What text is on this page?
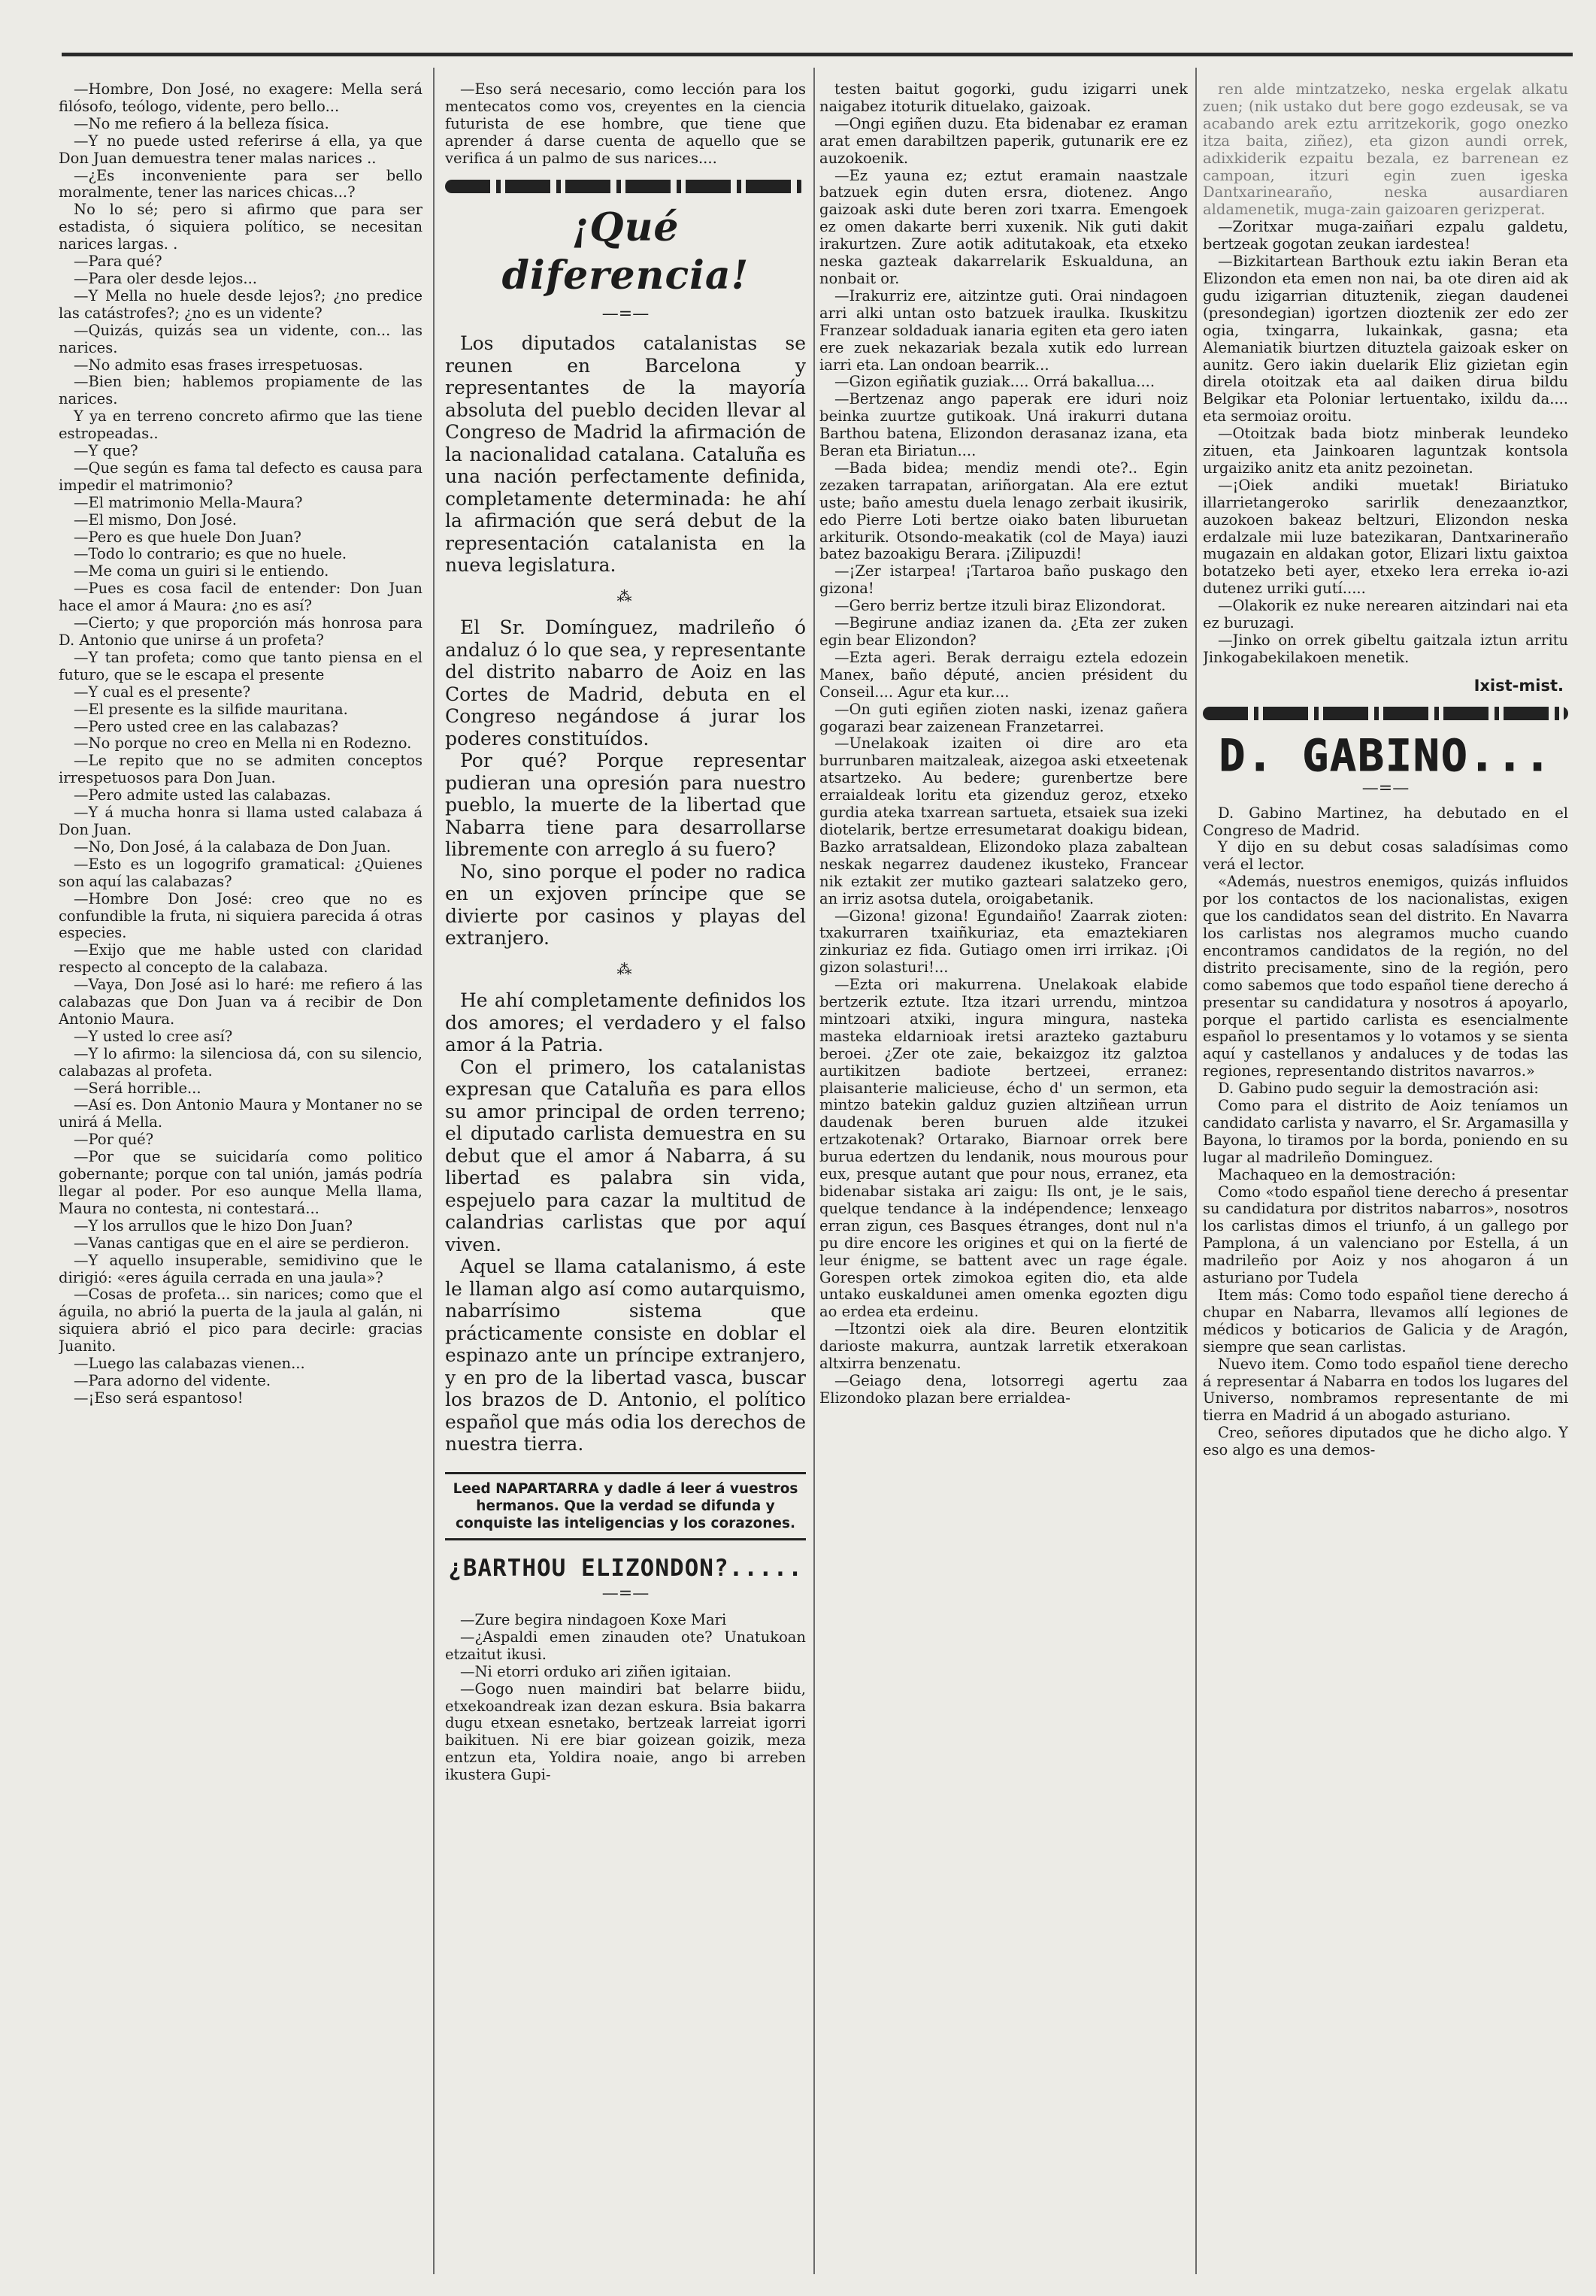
—Hombre, Don José, no exagere: Mella será filósofo, teólogo, vidente, pero bello...

—No me refiero á la belleza física.

—Y no puede usted referirse á ella, ya que Don Juan demuestra tener malas narices ..

—¿Es inconveniente para ser bello moralmente, tener las narices chicas...?

No lo sé; pero si afirmo que para ser estadista, ó siquiera político, se necesitan narices largas. .

—Para qué?

—Para oler desde lejos...

—Y Mella no huele desde lejos?; ¿no predice las catástrofes?; ¿no es un vidente?

—Quizás, quizás sea un vidente, con... las narices.

—No admito esas frases irrespetuosas.

—Bien bien; hablemos propiamente de las narices.

Y ya en terreno concreto afirmo que las tiene estropeadas..

—Y que?

—Que según es fama tal defecto es causa para impedir el matrimonio?

—El matrimonio Mella-Maura?

—El mismo, Don José.

—Pero es que huele Don Juan?

—Todo lo contrario; es que no huele.

—Me coma un guiri si le entiendo.

—Pues es cosa facil de entender: Don Juan hace el amor á Maura: ¿no es así?

—Cierto; y que proporción más honrosa para D. Antonio que unirse á un profeta?

—Y tan profeta; como que tanto piensa en el futuro, que se le escapa el presente

—Y cual es el presente?

—El presente es la silfide mauritana.

—Pero usted cree en las calabazas?

—No porque no creo en Mella ni en Rodezno.

—Le repito que no se admiten conceptos irrespetuosos para Don Juan.

—Pero admite usted las calabazas.

—Y á mucha honra si llama usted calabaza á Don Juan.

—No, Don José, á la calabaza de Don Juan.

—Esto es un logogrifo gramatical: ¿Quienes son aquí las calabazas?

—Hombre Don José: creo que no es confundible la fruta, ni siquiera parecida á otras especies.

—Exijo que me hable usted con claridad respecto al concepto de la calabaza.

—Vaya, Don José asi lo haré: me refiero á las calabazas que Don Juan va á recibir de Don Antonio Maura.

—Y usted lo cree así?

—Y lo afirmo: la silenciosa dá, con su silencio, calabazas al profeta.

—Será horrible...

—Así es. Don Antonio Maura y Montaner no se unirá á Mella.

—Por qué?

—Por que se suicidaría como politico gobernante; porque con tal unión, jamás podría llegar al poder. Por eso aunque Mella llama, Maura no contesta, ni contestará...

—Y los arrullos que le hizo Don Juan?

—Vanas cantigas que en el aire se perdieron.

—Y aquello insuperable, semidivino que le dirigió: «eres águila cerrada en una jaula»?

—Cosas de profeta... sin narices; como que el águila, no abrió la puerta de la jaula al galán, ni siquiera abrió el pico para decirle: gracias Juanito.

—Luego las calabazas vienen...

—Para adorno del vidente.

—¡Eso será espantoso!

—Eso será necesario, como lección para los mentecatos como vos, creyentes en la ciencia futurista de ese hombre, que tiene que aprender á darse cuenta de aquello que se verifica á un palmo de sus narices....

¡Qué diferencia!
—=—

Los diputados catalanistas se reunen en Barcelona y representantes de la mayoría absoluta del pueblo deciden llevar al Congreso de Madrid la afirmación de la nacionalidad catalana. Cataluña es una nación perfectamente definida, completamente determinada: he ahí la afirmación que será debut de la representación catalanista en la nueva legislatura.

⁂

El Sr. Domínguez, madrileño ó andaluz ó lo que sea, y representante del distrito nabarro de Aoiz en las Cortes de Madrid, debuta en el Congreso negándose á jurar los poderes constituídos.

Por qué? Porque representar pudieran una opresión para nuestro pueblo, la muerte de la libertad que Nabarra tiene para desarrollarse libremente con arreglo á su fuero?

No, sino porque el poder no radica en un exjoven príncipe que se divierte por casinos y playas del extranjero.

⁂

He ahí completamente definidos los dos amores; el verdadero y el falso amor á la Patria.

Con el primero, los catalanistas expresan que Cataluña es para ellos su amor principal de orden terreno; el diputado carlista demuestra en su debut que el amor á Nabarra, á su libertad es palabra sin vida, espejuelo para cazar la multitud de calandrias carlistas que por aquí viven.

Aquel se llama catalanismo, á este le llaman algo así como autarquismo, nabarrísimo sistema que prácticamente consiste en doblar el espinazo ante un príncipe extranjero, y en pro de la libertad vasca, buscar los brazos de D. Antonio, el político español que más odia los derechos de nuestra tierra.

Leed NAPARTARRA y dadle á leer á vuestros hermanos. Que la verdad se difunda y conquiste las inteligencias y los corazones.
¿BARTHOU ELIZONDON?.....
—=—

—Zure begira nindagoen Koxe Mari

—¿Aspaldi emen zinauden ote? Unatukoan etzaitut ikusi.

—Ni etorri orduko ari ziñen igitaian.

—Gogo nuen maindiri bat belarre biidu, etxekoandreak izan dezan eskura. Bsia bakarra dugu etxean esnetako, bertzeak larreiat igorri baikituen. Ni ere biar goizean goizik, meza entzun eta, Yoldira noaie, ango bi arreben ikustera Gupi-

testen baitut gogorki, gudu izigarri unek naigabez itoturik dituelako, gaizoak.

—Ongi egiñen duzu. Eta bidenabar ez eraman arat emen darabiltzen paperik, gutunarik ere ez auzokoenik.

—Ez yauna ez; eztut eramain naastzale batzuek egin duten ersra, diotenez. Ango gaizoak aski dute beren zori txarra. Emengoek ez omen dakarte berri xuxenik. Nik guti dakit irakurtzen. Zure aotik aditutakoak, eta etxeko neska gazteak dakarrelarik Eskualduna, an nonbait or.

—Irakurriz ere, aitzintze guti. Orai nindagoen arri alki untan osto batzuek iraulka. Ikuskitzu Franzear soldaduak ianaria egiten eta gero iaten ere zuek nekazariak bezala xutik edo lurrean iarri eta. Lan ondoan bearrik...

—Gizon egiñatik guziak.... Orrá bakallua....

—Bertzenaz ango paperak ere iduri noiz beinka zuurtze gutikoak. Uná irakurri dutana Barthou batena, Elizondon derasanaz izana, eta Beran eta Biriatun....

—Bada bidea; mendiz mendi ote?.. Egin zezaken tarrapatan, ariñorgatan. Ala ere eztut uste; baño amestu duela lenago zerbait ikusirik, edo Pierre Loti bertze oiako baten liburuetan arkiturik. Otsondo-meakatik (col de Maya) iauzi batez bazoakigu Berara. ¡Zilipuzdi!

—¡Zer istarpea! ¡Tartaroa baño puskago den gizona!

—Gero berriz bertze itzuli biraz Elizondorat.

—Begirune andiaz izanen da. ¿Eta zer zuken egin bear Elizondon?

—Ezta ageri. Berak derraigu eztela edozein Manex, baño député, ancien président du Conseil.... Agur eta kur....

—On guti egiñen zioten naski, izenaz gañera gogarazi bear zaizenean Franzetarrei.

—Unelakoak izaiten oi dire aro eta burrunbaren maitzaleak, aizegoa aski etxeetenak atsartzeko. Au bedere; gurenbertze bere erraialdeak loritu eta gizenduz geroz, etxeko gurdia ateka txarrean sartueta, etsaiek sua izeki diotelarik, bertze erresumetarat doakigu bidean, Bazko arratsaldean, Elizondoko plaza zabaltean neskak negarrez daudenez ikusteko, Francear nik eztakit zer mutiko gazteari salatzeko gero, an irriz asotsa dutela, oroigabetanik.

—Gizona! gizona! Egundaiño! Zaarrak zioten: txakurraren txaiñkuriaz, eta emaztekiaren zinkuriaz ez fida. Gutiago omen irri irrikaz. ¡Oi gizon solasturi!...

—Ezta ori makurrena. Unelakoak elabide bertzerik eztute. Itza itzari urrendu, mintzoa mintzoari atxiki, ingura mingura, nasteka masteka eldarnioak iretsi arazteko gaztaburu beroei. ¿Zer ote zaie, bekaizgoz itz galztoa aurtikitzen badiote bertzeei, erranez: plaisanterie malicieuse, écho d' un sermon, eta mintzo batekin galduz guzien altziñean urrun daudenak beren buruen alde itzukei ertzakotenak? Ortarako, Biarnoar orrek bere burua edertzen du lendanik, nous mourous pour eux, presque autant que pour nous, erranez, eta bidenabar sistaka ari zaigu: Ils ont, je le sais, quelque tendance à la indépendence; lenxeago erran zigun, ces Basques étranges, dont nul n'a pu dire encore les origines et qui on la fierté de leur énigme, se battent avec un rage égale. Gorespen ortek zimokoa egiten dio, eta alde untako euskaldunei amen omenka egozten digu ao erdea eta erdeinu.

—Itzontzi oiek ala dire. Beuren elontzitik darioste makurra, auntzak larretik etxerakoan altxirra benzenatu.

—Geiago dena, lotsorregi agertu zaa Elizondoko plazan bere errialdea-

ren alde mintzatzeko, neska ergelak alkatu zuen; (nik ustako dut bere gogo ezdeusak, se va acabando arek eztu arritzekorik, gogo onezko itza baita, ziñez), eta gizon aundi orrek, adixkiderik ezpaitu bezala, ez barrenean ez campoan, itzuri egin zuen igeska Dantxarinearaño, neska ausardiaren aldamenetik, muga-zain gaizoaren gerizperat.

—Zoritxar muga-zaiñari ezpalu galdetu, bertzeak gogotan zeukan iardestea!

—Bizkitartean Barthouk eztu iakin Beran eta Elizondon eta emen non nai, ba ote diren aid ak gudu izigarrian dituztenik, ziegan daudenei (presondegian) igortzen dioztenik zer edo zer ogia, txingarra, lukainkak, gasna; eta Alemaniatik biurtzen dituztela gaizoak esker on aunitz. Gero iakin duelarik Eliz gizietan egin direla otoitzak eta aal daiken dirua bildu Belgikar eta Poloniar lertuentako, ixildu da.... eta sermoiaz oroitu.

—Otoitzak bada biotz minberak leundeko zituen, eta Jainkoaren laguntzak kontsola urgaiziko anitz eta anitz pezoinetan.

—¡Oiek andiki muetak! Biriatuko illarrietangeroko sarirlik denezaanztkor, auzokoen bakeaz beltzuri, Elizondon neska erdalzale mii luze batezikaran, Dantxarineraño mugazain en aldakan gotor, Elizari lixtu gaixtoa botatzeko beti ayer, etxeko lera erreka io-azi dutenez urriki gutí.....

—Olakorik ez nuke nerearen aitzindari nai eta ez buruzagi.

—Jinko on orrek gibeltu gaitzala iztun arritu Jinkogabekilakoen menetik.

Ixist-mist.
D. GABINO...
—=—

D. Gabino Martinez, ha debutado en el Congreso de Madrid.

Y dijo en su debut cosas saladísimas como verá el lector.

«Además, nuestros enemigos, quizás influidos por los contactos de los nacionalistas, exigen que los candidatos sean del distrito. En Navarra los carlistas nos alegramos mucho cuando encontramos candidatos de la región, no del distrito precisamente, sino de la región, pero como sabemos que todo español tiene derecho á presentar su candidatura y nosotros á apoyarlo, porque el partido carlista es esencialmente español lo presentamos y lo votamos y se sienta aquí y castellanos y andaluces y de todas las regiones, representando distritos navarros.»

D. Gabino pudo seguir la demostración asi:

Como para el distrito de Aoiz teníamos un candidato carlista y navarro, el Sr. Argamasilla y Bayona, lo tiramos por la borda, poniendo en su lugar al madrileño Dominguez.

Machaqueo en la demostración:

Como «todo español tiene derecho á presentar su candidatura por distritos nabarros», nosotros los carlistas dimos el triunfo, á un gallego por Pamplona, á un valenciano por Estella, á un madrileño por Aoiz y nos ahogaron á un asturiano por Tudela

Item más: Como todo español tiene derecho á chupar en Nabarra, llevamos allí legiones de médicos y boticarios de Galicia y de Aragón, siempre que sean carlistas.

Nuevo item. Como todo español tiene derecho á representar á Nabarra en todos los lugares del Universo, nombramos representante de mi tierra en Madrid á un abogado asturiano.

Creo, señores diputados que he dicho algo. Y eso algo es una demos-
